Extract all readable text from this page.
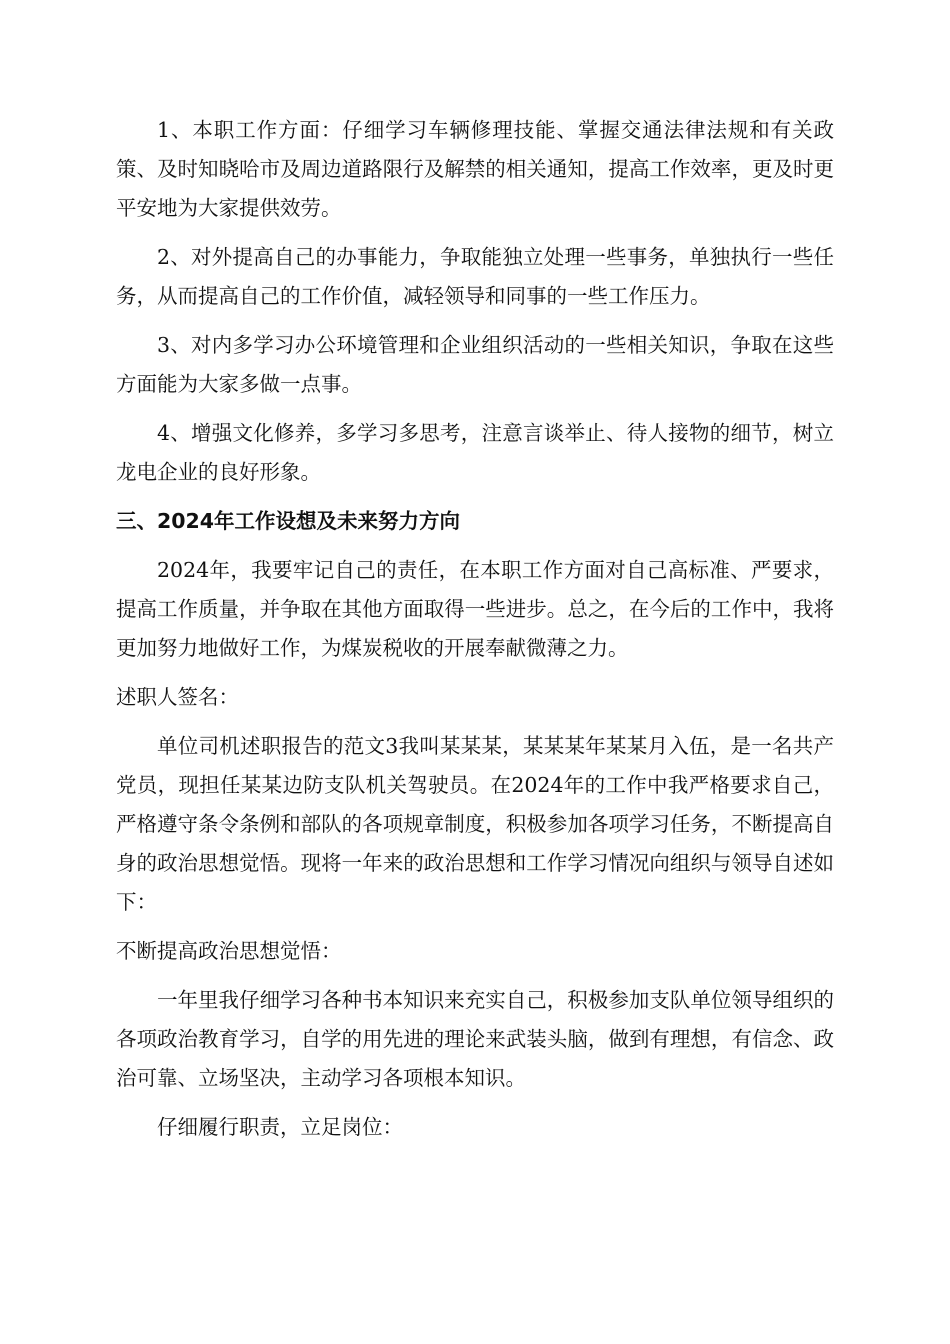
1、本职工作方面：仔细学习车辆修理技能、掌握交通法律法规和有关政策、及时知晓哈市及周边道路限行及解禁的相关通知，提高工作效率，更及时更平安地为大家提供效劳。

2、对外提高自己的办事能力，争取能独立处理一些事务，单独执行一些任务，从而提高自己的工作价值，减轻领导和同事的一些工作压力。

3、对内多学习办公环境管理和企业组织活动的一些相关知识，争取在这些方面能为大家多做一点事。

4、增强文化修养，多学习多思考，注意言谈举止、待人接物的细节，树立龙电企业的良好形象。

三、2024年工作设想及未来努力方向

2024年，我要牢记自己的责任，在本职工作方面对自己高标准、严要求，提高工作质量，并争取在其他方面取得一些进步。总之，在今后的工作中，我将更加努力地做好工作，为煤炭税收的开展奉献微薄之力。

述职人签名：

单位司机述职报告的范文3我叫某某某，某某某年某某月入伍，是一名共产党员，现担任某某边防支队机关驾驶员。在2024年的工作中我严格要求自己，严格遵守条令条例和部队的各项规章制度，积极参加各项学习任务，不断提高自身的政治思想觉悟。现将一年来的政治思想和工作学习情况向组织与领导自述如下：

不断提高政治思想觉悟：

一年里我仔细学习各种书本知识来充实自己，积极参加支队单位领导组织的各项政治教育学习，自学的用先进的理论来武装头脑，做到有理想，有信念、政治可靠、立场坚决，主动学习各项根本知识。

仔细履行职责，立足岗位：
